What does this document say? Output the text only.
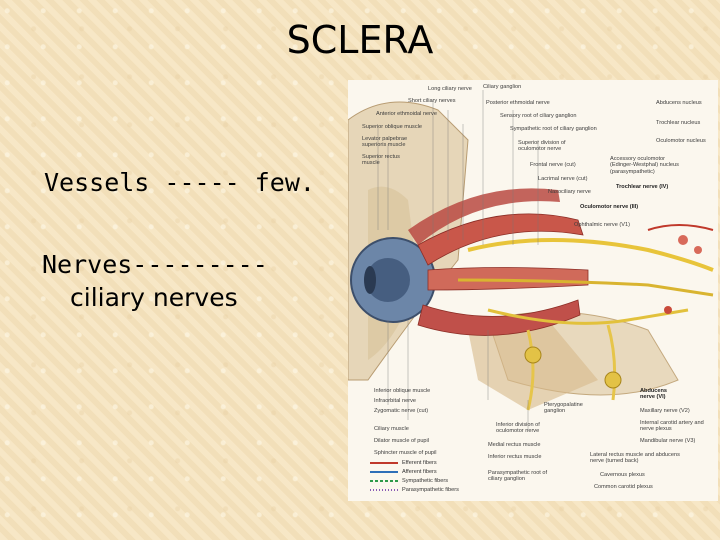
SCLERA
Vessels ----- few.
Nerves---------
ciliary nerves
Long ciliary nerve Ciliary ganglion
Short ciliary nerves	Posterior ethmoidal nerve
Anterior ethmoidal nerve	Sensory root of ciliary ganglion
Abducens nucleus
Superior oblique muscle
Trochlear nucleus
Sympathetic root of ciliary ganglion
Levator palpebrae superioris muscle	Superior division of oculomotor nerve
Oculomotor nucleus
Superior rectus muscle	Frontal nerve (cut)
Accessory oculomotor (Edinger-Westphal) nucleus (parasympathetic)
Lacrimal nerve (cut)
Nasociliary nerve
Trochlear nerve (IV)
Oculomotor nerve (III)
Ophthalmic nerve (V1)
Inferior oblique muscle
Pterygopalatine ganglion
Infraorbital nerve
Zygomatic nerve (cut)
Abducens nerve (VI)
Inferior division of oculomotor nerve
Maxillary nerve (V2)
Ciliary muscle
Internal carotid artery and nerve plexus
Dilator muscle of pupil	Mandibular nerve (V3)
Medial rectus muscle
Sphincter muscle of pupil
Inferior rectus muscle	Lateral rectus muscle and abducens nerve (turned back)
Parasympathetic root of ciliary ganglion
Cavernous plexus
Common carotid plexus
Efferent fibers
Afferent fibers
Sympathetic fibers
Parasympathetic fibers
